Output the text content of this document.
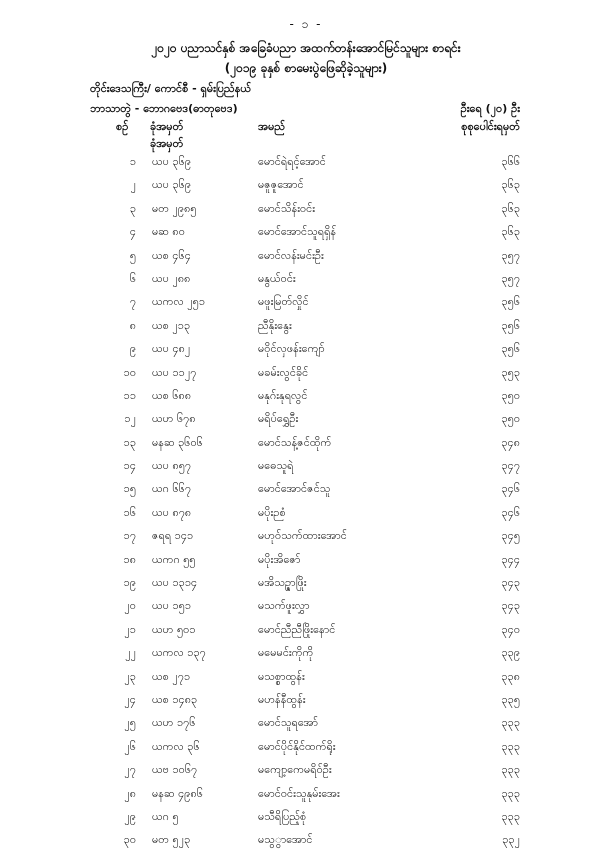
- ၁ -
၂၀၂၀ ပညာသင်နှစ် အခြေခံပညာ အထက်တန်းအောင်မြင်သူများ စာရင်း
(၂၀၁၉ ခုနှစ် စာမေးပွဲဖြေဆိုခဲ့သူများ)
တိုင်းဒေသကြီး/ ကောင်စီ - ရှမ်းပြည်နယ်
ဘာသာတွဲ - ဘောဂဗေဒ(ဓာတုဗေဒ)	ဦးရေ (၂၀) ဦး
စဉ် ခုံအမှတ်	အမည်	စုစုပေါင်းရမှတ်
ခုံအမှတ်
၁ ယပ ၃၆၉	မောင်ရဲရင့်အောင်	၃၆၆
၂ ယပ ၃၆၉	မဇူဇူအောင်	၃၆၃
၃ မတ ၂၉၈၅	မောင်သိန်းဝင်း	၃၆၃
၄ မဆ ၈၀	မောင်အောင်သူရရှိန်	၃၆၃
၅ ယစ ၄၆၄	မောင်လန်းမင်းဦး	၃၅၇
၆ ယပ ၂၈၈	မနွယ်ဝင်း	၃၅၇
၇ ယကလ ၂၅၁	မဖူးမြတ်လှိုင်	၃၅၆
၈ ယစ ၂၁၃	ညီနိုးနွေး	၃၅၆
၉ ယပ ၄၈၂	မဝိုင်လှဖန်းကျော်	၃၅၆
၁၀ ယပ ၁၁၂၇	မခမ်းလွင်ခိုင်	၃၅၃
၁၁ ယစ ၆၈၈	မနုဂ်းနုရလွင်	၃၅၀
၁၂ ယဟ ၆၇၈	မရိပ်ရွှေဦး	၃၅၀
၁၃ မနဆ ၃၆၀၆	မောင်သန့်ဇင်ထိုက်	၃၄၈
၁၄ ယပ ၈၅၇	မဓေသူရဲ	၃၄၇
၁၅ ယဂ ၆၆၇	မောင်အောင်ဇင်သူ	၃၄၆
၁၆ ယပ ၈၇၈	မပိုးဉစံ	၃၄၆
၁၇ ဇရရ ၁၄၁	မဟုဝ်သက်ထားအောင်	၃၄၅
၁၈ ယကဂ ၅၅	မပိုးအိဇော်	၃၄၄
၁၉ ယပ ၁၃၁၄	မအိသဉ္ဇာဖြိုး	၃၄၃
၂၀ ယပ ၁၅၁	မသက်ဖူးလွှာ	၃၄၃
၂၁ ယဟ ၅၀၁	မောင်ညီညီဖြိုးနောင်	၃၄၀
၂၂ ယကလ ၁၃၇	မမေမင်းကိုကို	၃၃၉
၂၃ ယစ ၂၇၁	မသစ္စာထွန်း	၃၃၈
၂၄ ယစ ၁၄၈၃	မဟန်နီထွန်း	၃၃၅
၂၅ ယဟ ၁၇၆	မောင်သူရအော်	၃၃၃
၂၆ ယကလ ၃၆	မောင်ပိုင်နိုင်ထက်ရိုး	၃၃၃
၂၇ ယဗ ၁၀၆၇	မကျော့ကေမရိဝ်ဦး	၃၃၃
၂၈ မနဆ ၄၉၈၆	မောင်ဝင်းသူနုမ်းအေး	၃၃၃
၂၉ ယဂ ၅	မသီရိပြည့်စုံ	၃၃၃
၃၀ မတ ၅၂၃	မသွွာအောင်	၃၃၂
